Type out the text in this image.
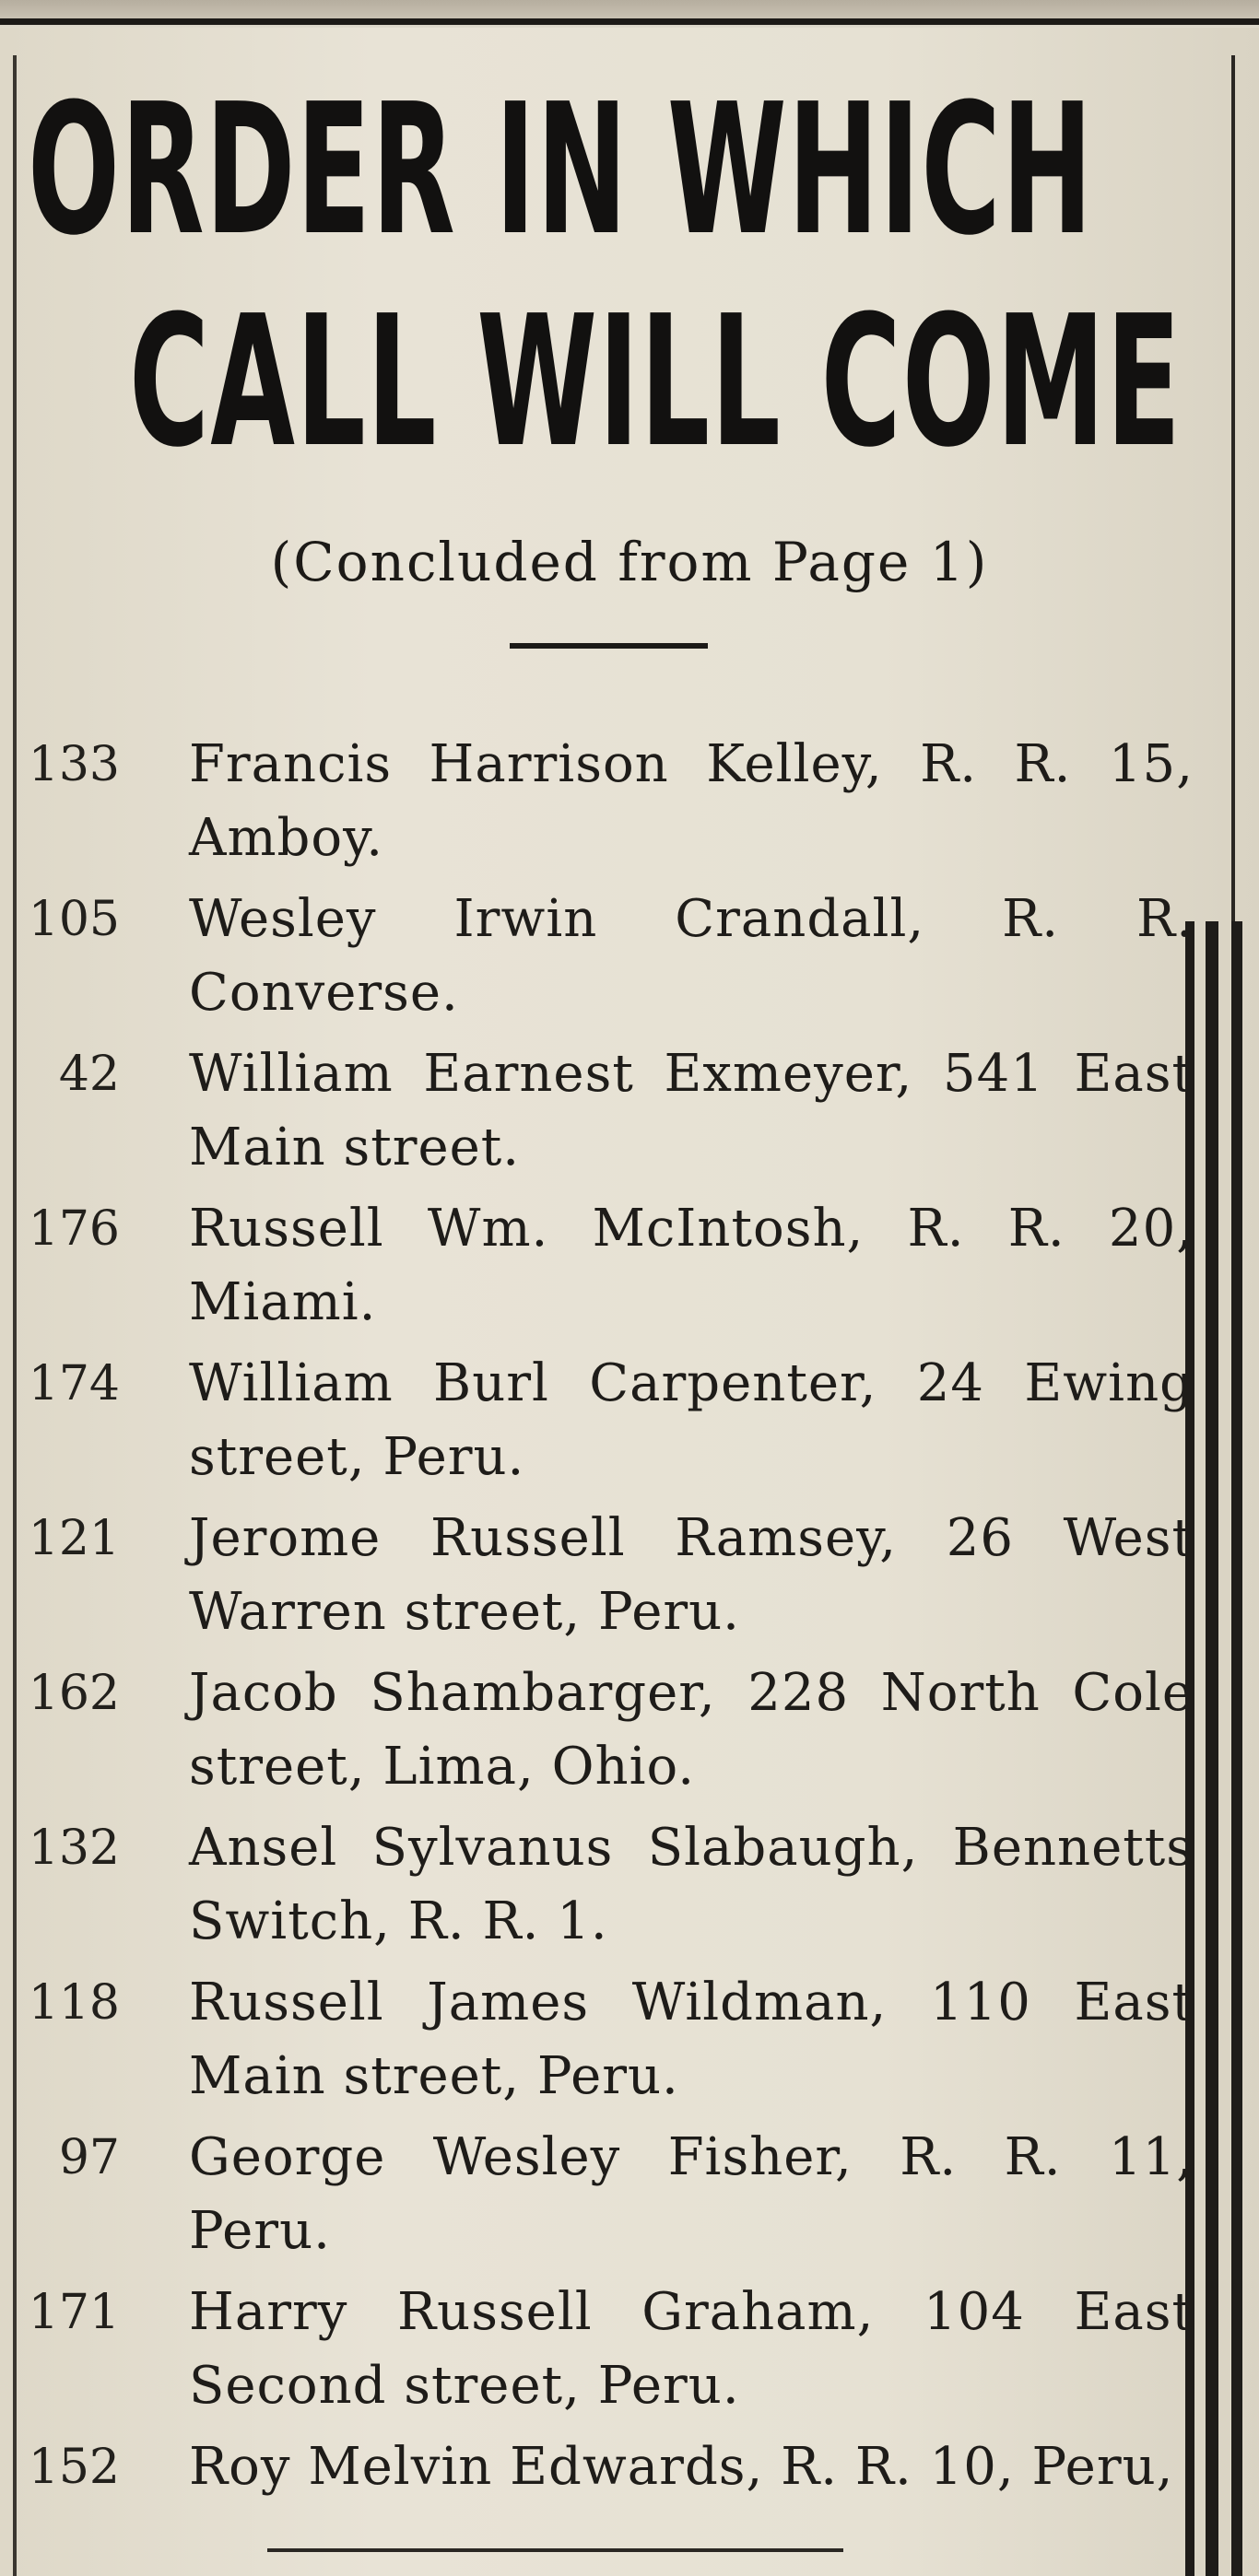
ORDER IN WHICH
CALL WILL COME
(Concluded from Page 1)
133 Francis Harrison Kelley, R. R. 15, Amboy.
105 Wesley Irwin Crandall, R. R. Converse.
42 William Earnest Exmeyer, 541 East Main street.
176 Russell Wm. McIntosh, R. R. 20, Miami.
174 William Burl Carpenter, 24 Ewing street, Peru.
121 Jerome Russell Ramsey, 26 West Warren street, Peru.
162 Jacob Shambarger, 228 North Cole street, Lima, Ohio.
132 Ansel Sylvanus Slabaugh, Bennetts Switch, R. R. 1.
118 Russell James Wildman, 110 East Main street, Peru.
97 George Wesley Fisher, R. R. 11, Peru.
171 Harry Russell Graham, 104 East Second street, Peru.
152 Roy Melvin Edwards, R. R. 10, Peru,
